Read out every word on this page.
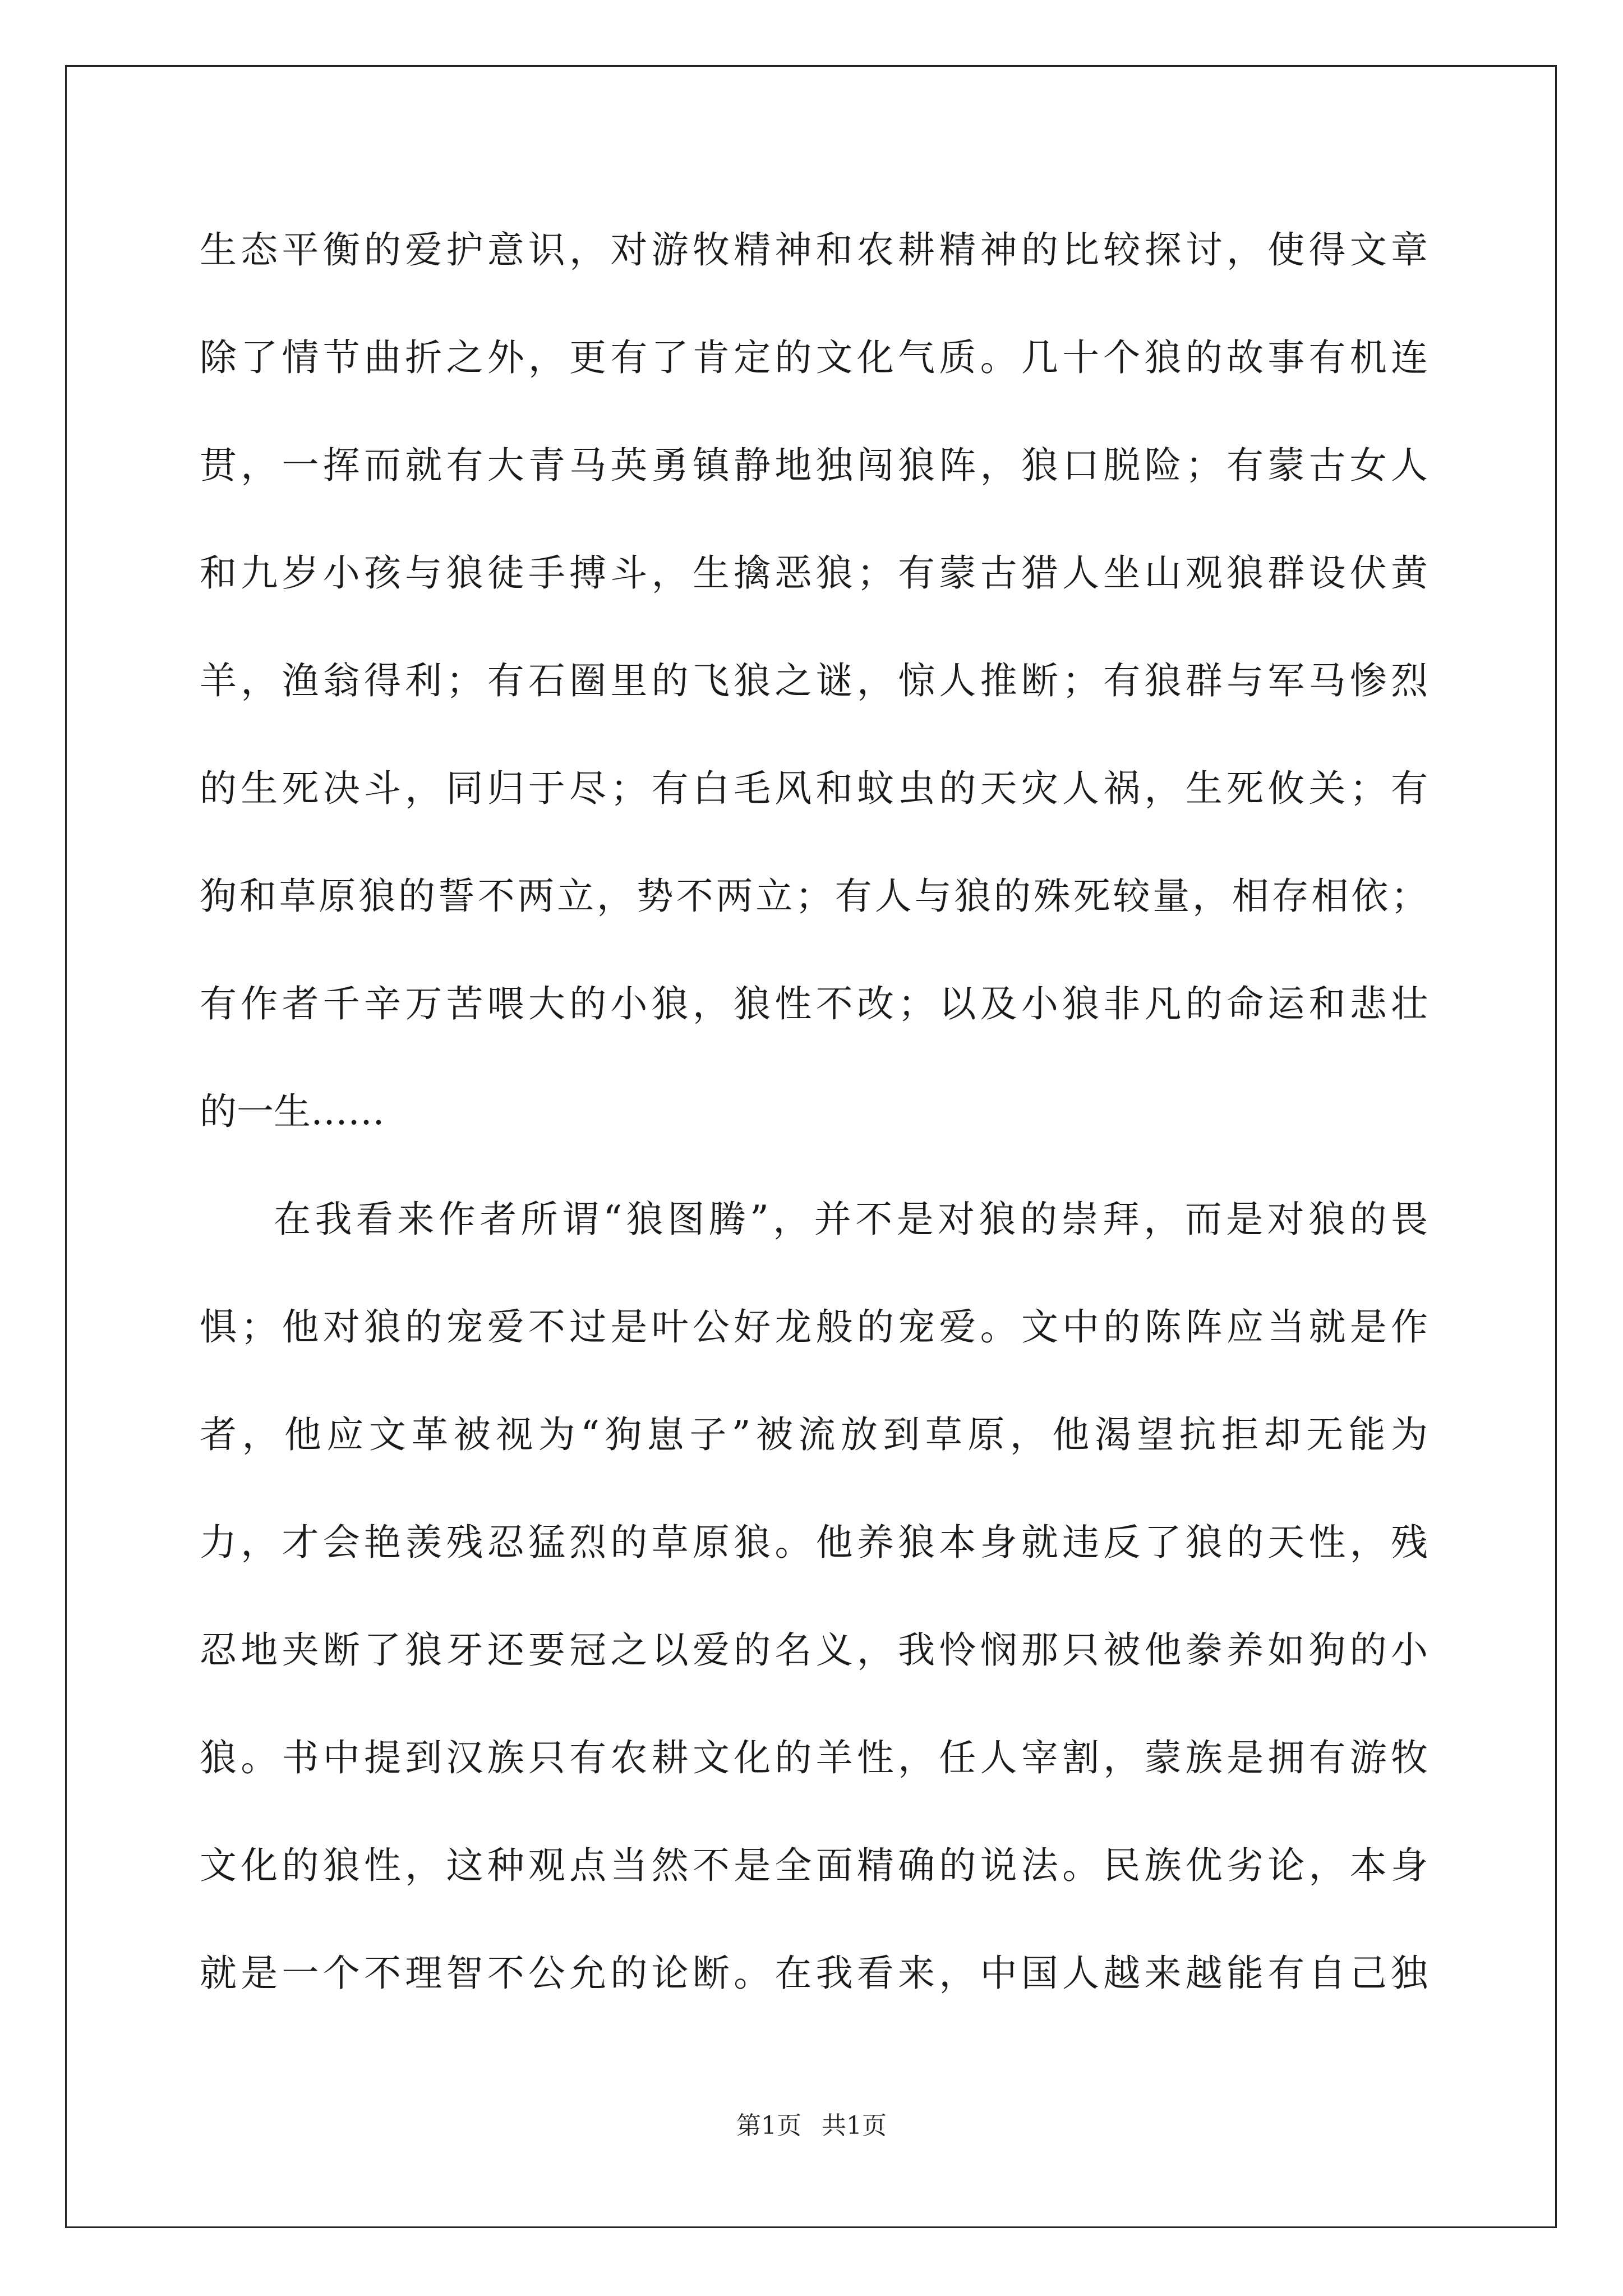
生态平衡的爱护意识，对游牧精神和农耕精神的比较探讨，使得文章
除了情节曲折之外，更有了肯定的文化气质。几十个狼的故事有机连
贯，一挥而就有大青马英勇镇静地独闯狼阵，狼口脱险；有蒙古女人
和九岁小孩与狼徒手搏斗，生擒恶狼；有蒙古猎人坐山观狼群设伏黄
羊，渔翁得利；有石圈里的飞狼之谜，惊人推断；有狼群与军马惨烈
的生死决斗，同归于尽；有白毛风和蚊虫的天灾人祸，生死攸关；有
狗和草原狼的誓不两立，势不两立；有人与狼的殊死较量，相存相依；
有作者千辛万苦喂大的小狼，狼性不改；以及小狼非凡的命运和悲壮
的一生……
在我看来作者所谓“狼图腾”，并不是对狼的崇拜，而是对狼的畏
惧；他对狼的宠爱不过是叶公好龙般的宠爱。文中的陈阵应当就是作
者，他应文革被视为“狗崽子”被流放到草原，他渴望抗拒却无能为
力，才会艳羡残忍猛烈的草原狼。他养狼本身就违反了狼的天性，残
忍地夹断了狼牙还要冠之以爱的名义，我怜悯那只被他豢养如狗的小
狼。书中提到汉族只有农耕文化的羊性，任人宰割，蒙族是拥有游牧
文化的狼性，这种观点当然不是全面精确的说法。民族优劣论，本身
就是一个不理智不公允的论断。在我看来，中国人越来越能有自己独
第1页 共1页
